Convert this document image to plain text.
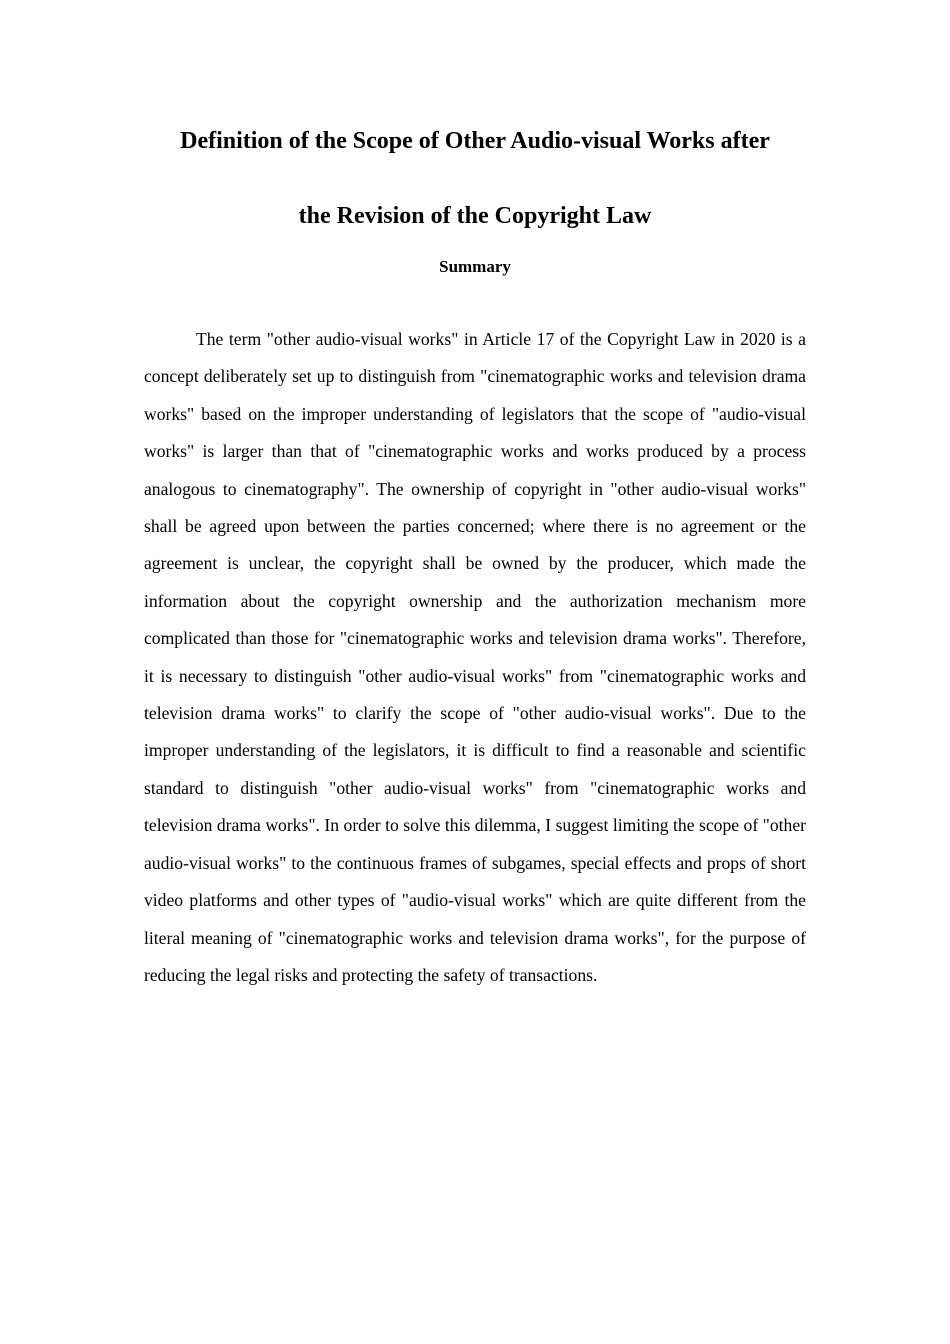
Definition of the Scope of Other Audio-visual Works after
the Revision of the Copyright Law
Summary

The term "other audio-visual works" in Article 17 of the Copyright Law in 2020 is a concept deliberately set up to distinguish from "cinematographic works and television drama works" based on the improper understanding of legislators that the scope of "audio-visual works" is larger than that of "cinematographic works and works produced by a process analogous to cinematography". The ownership of copyright in "other audio-visual works" shall be agreed upon between the parties concerned; where there is no agreement or the agreement is unclear, the copyright shall be owned by the producer, which made the information about the copyright ownership and the authorization mechanism more complicated than those for "cinematographic works and television drama works". Therefore, it is necessary to distinguish "other audio-visual works" from "cinematographic works and television drama works" to clarify the scope of "other audio-visual works". Due to the improper understanding of the legislators, it is difficult to find a reasonable and scientific standard to distinguish "other audio-visual works" from "cinematographic works and television drama works". In order to solve this dilemma, I suggest limiting the scope of "other audio-visual works" to the continuous frames of subgames, special effects and props of short video platforms and other types of "audio-visual works" which are quite different from the literal meaning of "cinematographic works and television drama works", for the purpose of reducing the legal risks and protecting the safety of transactions.
